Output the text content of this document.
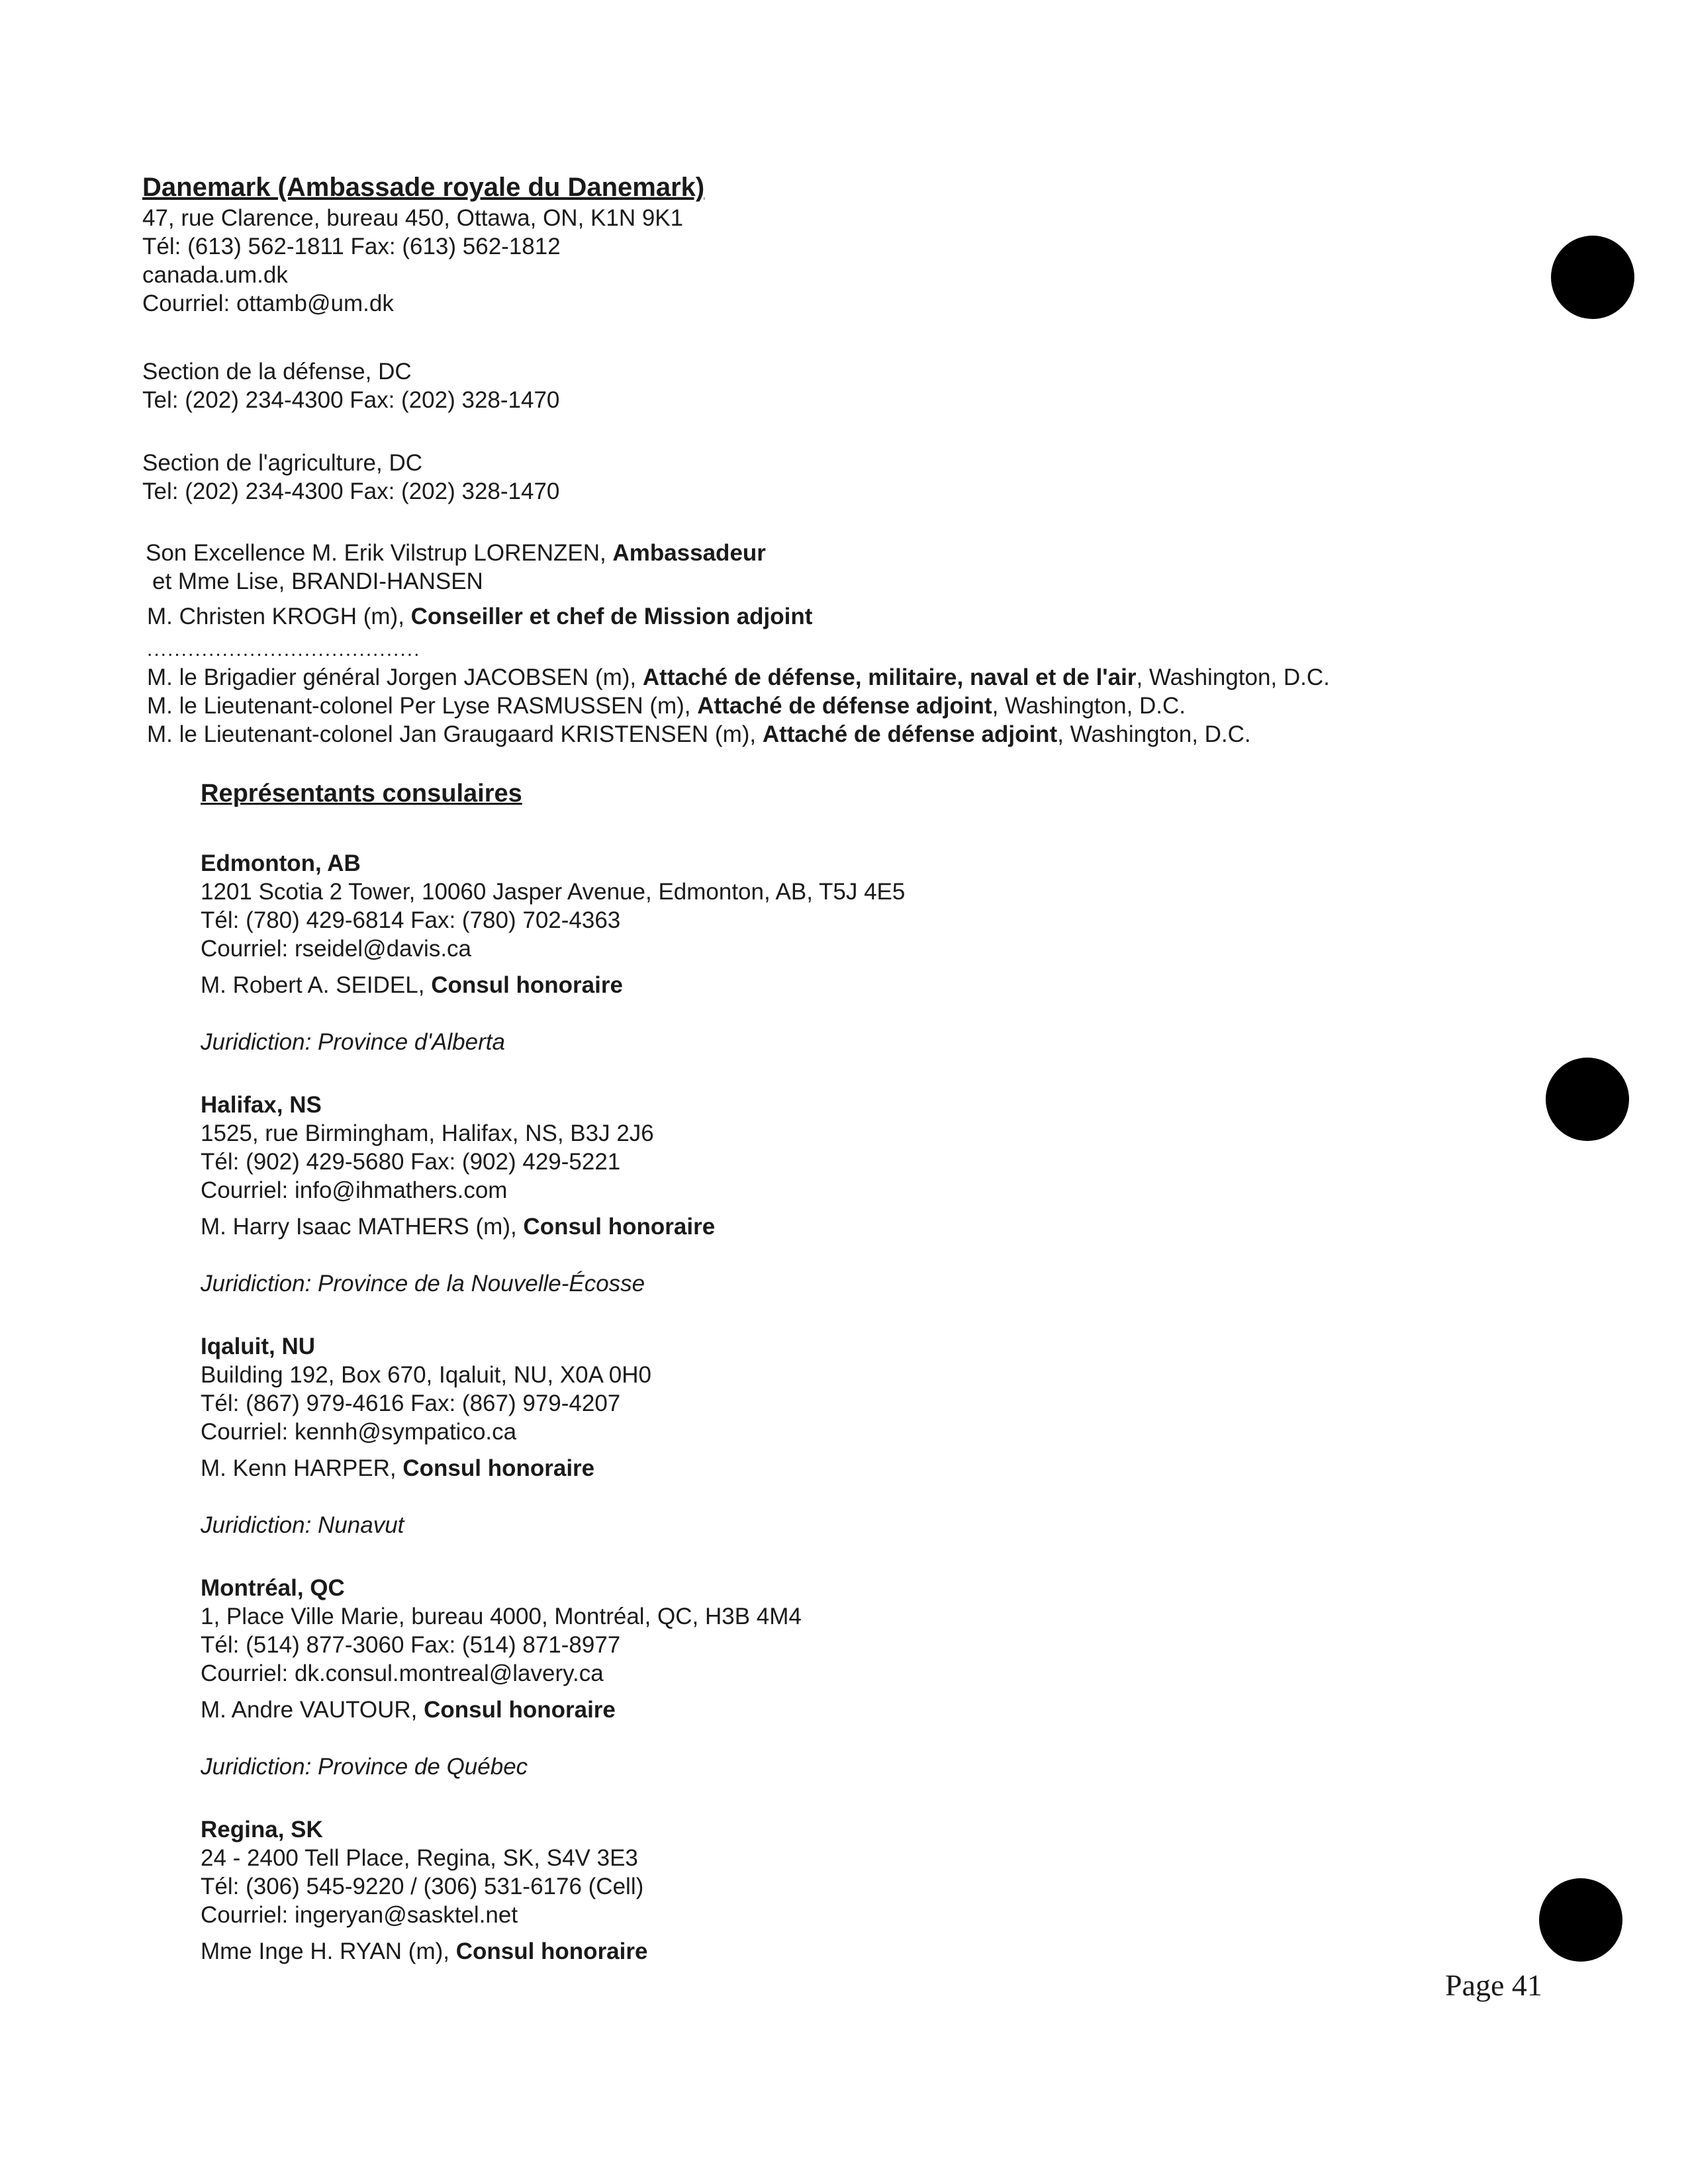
Danemark (Ambassade royale du Danemark)
47, rue Clarence, bureau 450, Ottawa, ON, K1N 9K1
Tél: (613) 562-1811 Fax: (613) 562-1812
canada.um.dk
Courriel: ottamb@um.dk
Section de la défense, DC
Tel: (202) 234-4300 Fax: (202) 328-1470
Section de l'agriculture, DC
Tel: (202) 234-4300 Fax: (202) 328-1470
Son Excellence M. Erik Vilstrup LORENZEN, Ambassadeur
et Mme Lise, BRANDI-HANSEN
M. Christen KROGH (m), Conseiller et chef de Mission adjoint
........................................
M. le Brigadier général Jorgen JACOBSEN (m), Attaché de défense, militaire, naval et de l'air, Washington, D.C.
M. le Lieutenant-colonel Per Lyse RASMUSSEN (m), Attaché de défense adjoint, Washington, D.C.
M. le Lieutenant-colonel Jan Graugaard KRISTENSEN (m), Attaché de défense adjoint, Washington, D.C.
Représentants consulaires
Edmonton, AB
1201 Scotia 2 Tower, 10060 Jasper Avenue, Edmonton, AB, T5J 4E5
Tél: (780) 429-6814 Fax: (780) 702-4363
Courriel: rseidel@davis.ca
M. Robert A. SEIDEL, Consul honoraire
Juridiction: Province d'Alberta
Halifax, NS
1525, rue Birmingham, Halifax, NS, B3J 2J6
Tél: (902) 429-5680 Fax: (902) 429-5221
Courriel: info@ihmathers.com
M. Harry Isaac MATHERS (m), Consul honoraire
Juridiction: Province de la Nouvelle-Écosse
Iqaluit, NU
Building 192, Box 670, Iqaluit, NU, X0A 0H0
Tél: (867) 979-4616 Fax: (867) 979-4207
Courriel: kennh@sympatico.ca
M. Kenn HARPER, Consul honoraire
Juridiction: Nunavut
Montréal, QC
1, Place Ville Marie, bureau 4000, Montréal, QC, H3B 4M4
Tél: (514) 877-3060 Fax: (514) 871-8977
Courriel: dk.consul.montreal@lavery.ca
M. Andre VAUTOUR, Consul honoraire
Juridiction: Province de Québec
Regina, SK
24 - 2400 Tell Place, Regina, SK, S4V 3E3
Tél: (306) 545-9220 / (306) 531-6176 (Cell)
Courriel: ingeryan@sasktel.net
Mme Inge H. RYAN (m), Consul honoraire
Page 41
